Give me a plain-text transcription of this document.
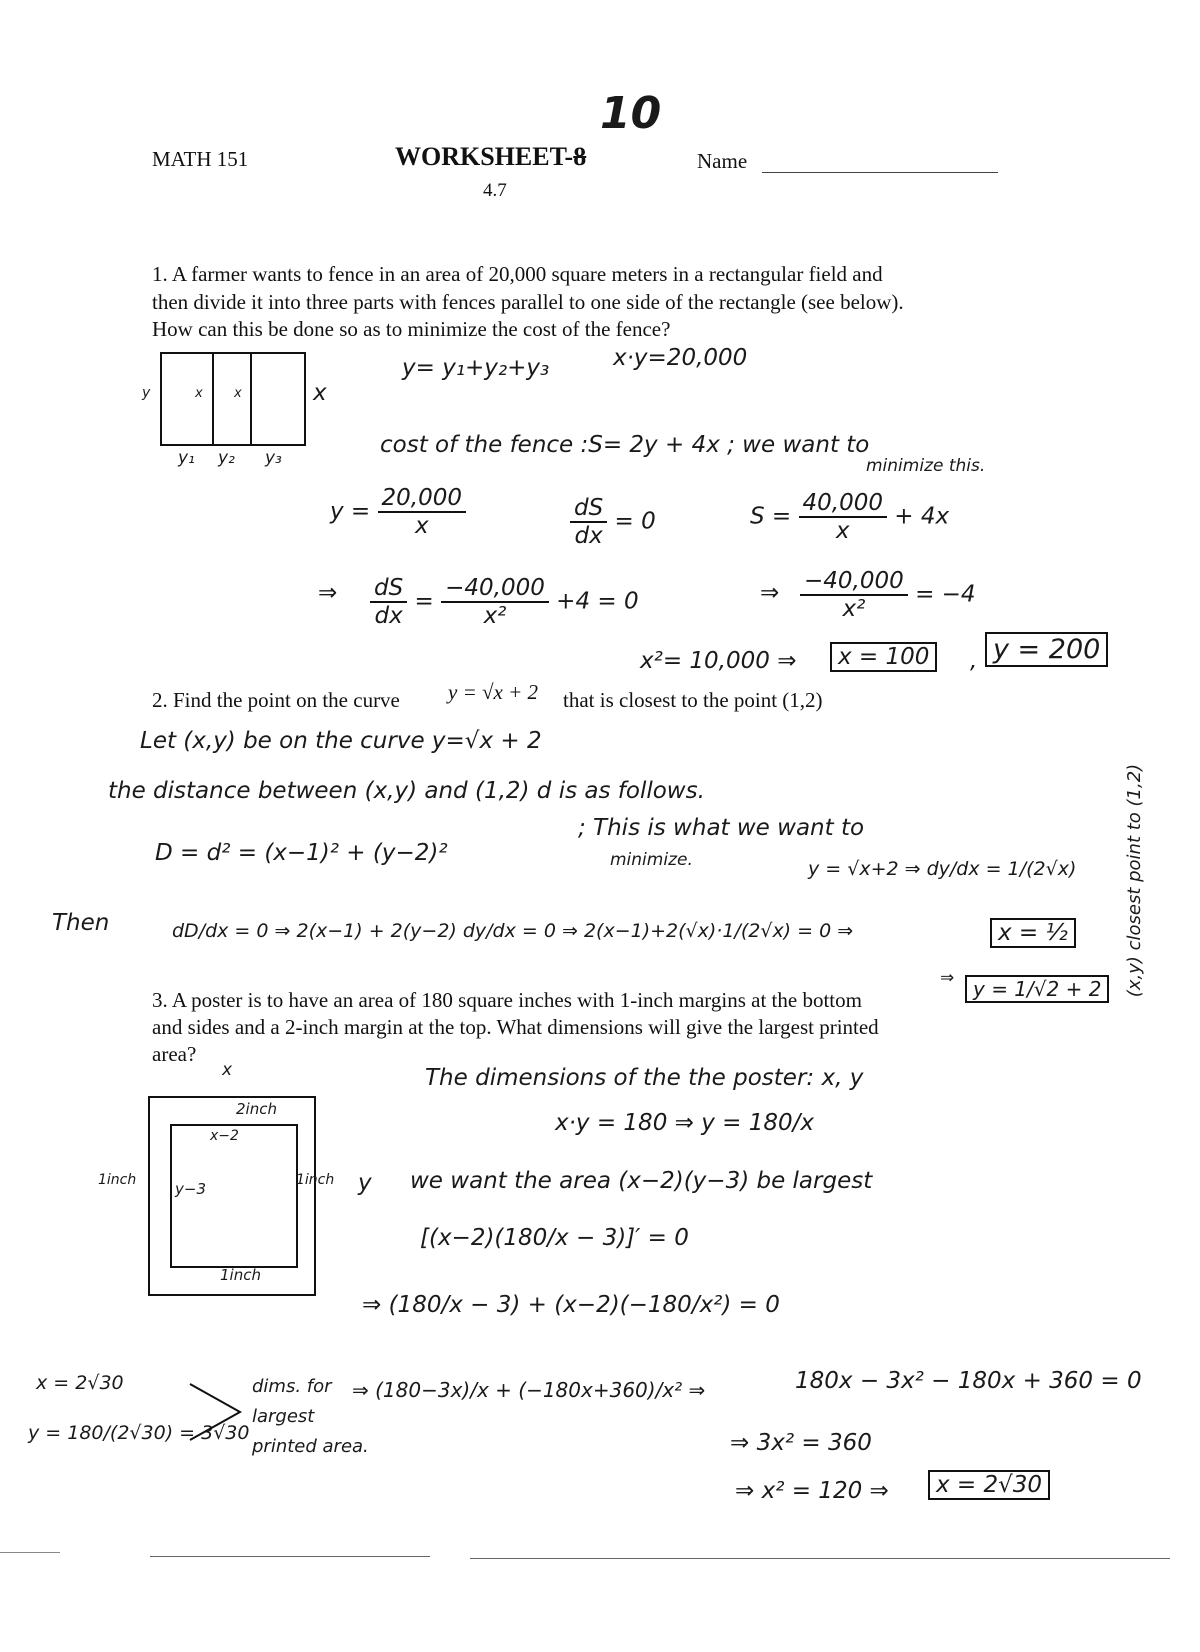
MATH 151	WORKSHEET-8
10
4.7
Name
1. A farmer wants to fence in an area of 20,000 square meters in a rectangular field and
then divide it into three parts with fences parallel to one side of the rectangle (see below).
How can this be done so as to minimize the cost of the fence?
x x
y	x
y₁ y₂ y₃
y= y₁+y₂+y₃	x·y=20,000
cost of the fence :S= 2y + 4x ; we want to
minimize this.
$y = \frac{20,000}{x}$	$\frac{dS}{dx} = 0$	$S = \frac{40,000}{x} + 4x$
⇒ $\frac{dS}{dx} = \frac{-40,000}{\text{x²}} +4 = 0$	⇒ $\frac{-40,000}{\text{x²}} = -4$
x²= 10,000 ⇒	x = 100	, y = 200
2. Find the point on the curve y = √x + 2 that is closest to the point (1,2)
Let (x,y) be on the curve y=√x + 2
the distance between (x,y) and (1,2) d is as follows.
D = d² = (x−1)² + (y−2)²
; This is what we want to
minimize.	y = √x+2 ⇒ dy/dx = 1/(2√x)
Then	dD/dx = 0 ⇒ 2(x−1) + 2(y−2) dy/dx = 0 ⇒ 2(x−1)+2(√x)·1/(2√x) = 0 ⇒	x = ½
⇒ y = 1/√2 + 2	(x,y) closest point to (1,2)
3. A poster is to have an area of 180 square inches with 1-inch margins at the bottom
and sides and a 2-inch margin at the top. What dimensions will give the largest printed
area?
x
2inch
x−2
1inch	y−3	1inch y
1inch
The dimensions of the the poster: x, y
x·y = 180 ⇒ y = 180/x
we want the area (x−2)(y−3) be largest
[(x−2)(180/x − 3)]′ = 0
⇒ (180/x − 3) + (x−2)(−180/x²) = 0
⇒ (180−3x)/x + (−180x+360)/x² ⇒	180x − 3x² − 180x + 360 = 0
⇒ 3x² = 360
⇒ x² = 120 ⇒	x = 2√30
x = 2√30
y = 180/(2√30) = 3√30
dims. for largest printed area.
